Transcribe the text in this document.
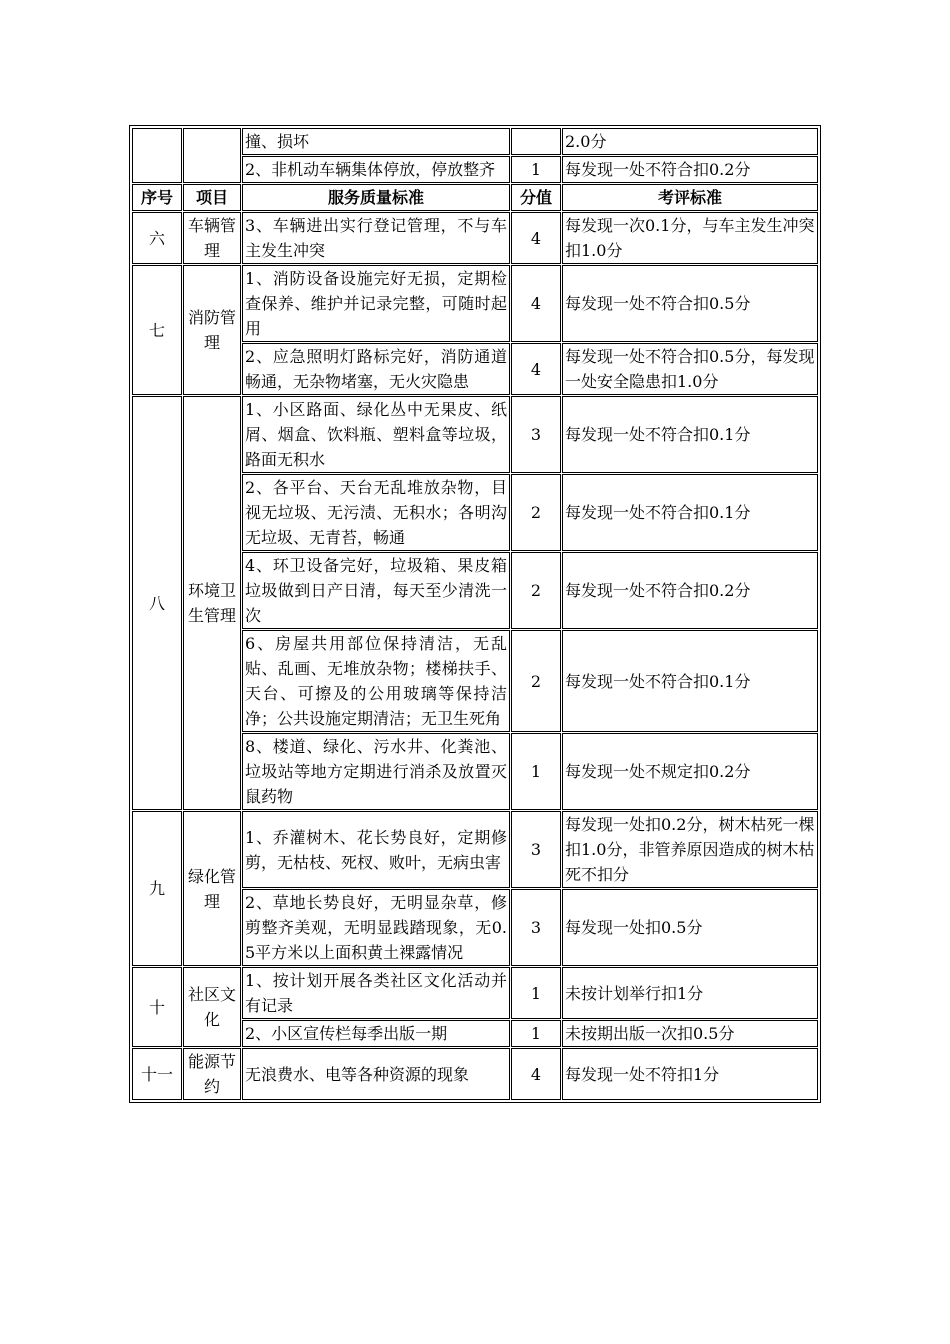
		撞、损坏		2.0分
		2、非机动车辆集体停放，停放整齐	1	每发现一处不符合扣0.2分
序号	项目	服务质量标准	分值	考评标准
六	车辆管理	3、车辆进出实行登记管理，不与车主发生冲突	4	每发现一次0.1分，与车主发生冲突扣1.0分
七	消防管理	1、消防设备设施完好无损，定期检查保养、维护并记录完整，可随时起用	4	每发现一处不符合扣0.5分
		2、应急照明灯路标完好，消防通道畅通，无杂物堵塞，无火灾隐患	4	每发现一处不符合扣0.5分，每发现一处安全隐患扣1.0分
八	环境卫生管理	1、小区路面、绿化丛中无果皮、纸屑、烟盒、饮料瓶、塑料盒等垃圾，路面无积水	3	每发现一处不符合扣0.1分
		2、各平台、天台无乱堆放杂物，目视无垃圾、无污渍、无积水；各明沟无垃圾、无青苔，畅通	2	每发现一处不符合扣0.1分
		4、环卫设备完好，垃圾箱、果皮箱垃圾做到日产日清，每天至少清洗一次	2	每发现一处不符合扣0.2分
		6、房屋共用部位保持清洁，无乱贴、乱画、无堆放杂物；楼梯扶手、天台、可擦及的公用玻璃等保持洁净；公共设施定期清洁；无卫生死角	2	每发现一处不符合扣0.1分
		8、楼道、绿化、污水井、化粪池、垃圾站等地方定期进行消杀及放置灭鼠药物	1	每发现一处不规定扣0.2分
九	绿化管理	1、乔灌树木、花长势良好，定期修剪，无枯枝、死杈、败叶，无病虫害	3	每发现一处扣0.2分，树木枯死一棵扣1.0分，非管养原因造成的树木枯死不扣分
		2、草地长势良好，无明显杂草，修剪整齐美观，无明显践踏现象，无0.5平方米以上面积黄土裸露情况	3	每发现一处扣0.5分
十	社区文化	1、按计划开展各类社区文化活动并有记录	1	未按计划举行扣1分
		2、小区宣传栏每季出版一期	1	未按期出版一次扣0.5分
十一	能源节约	无浪费水、电等各种资源的现象	4	每发现一处不符扣1分
